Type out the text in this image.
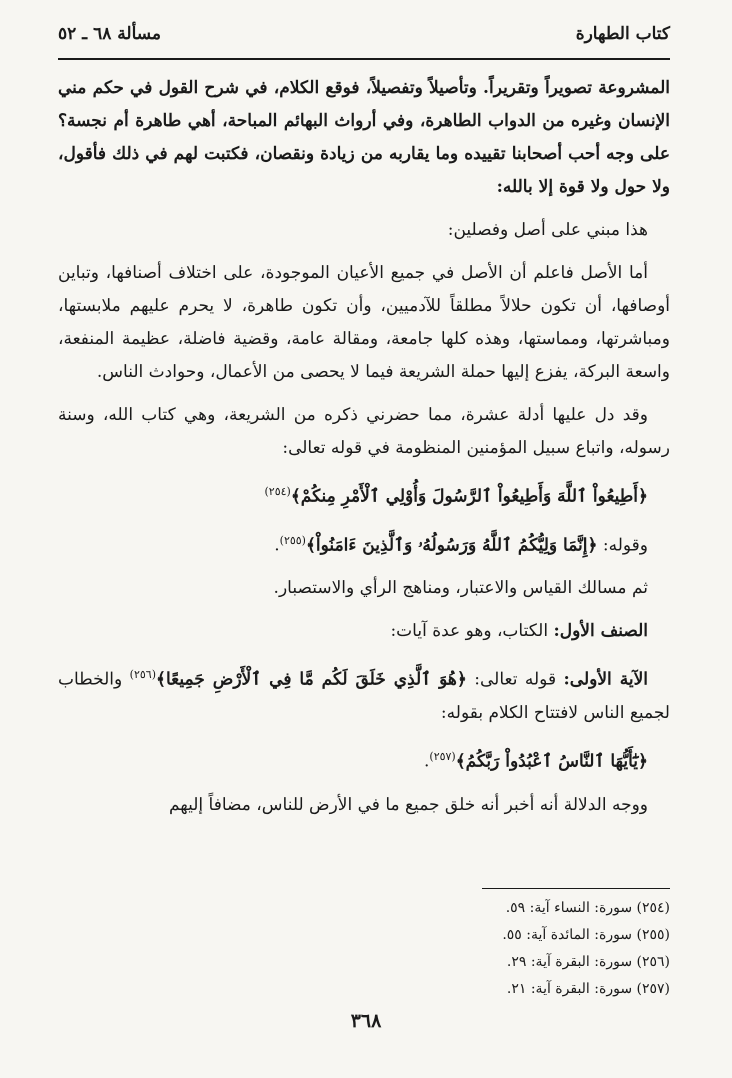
كتاب الطهارة
مسألة ٦٨ ـ ٥٢

المشروعة تصويراً وتقريراً. وتأصيلاً وتفصيلاً، فوقع الكلام، في شرح القول في حكم مني الإنسان وغيره من الدواب الطاهرة، وفي أرواث البهائم المباحة، أهي طاهرة أم نجسة؟ على وجه أحب أصحابنا تقييده وما يقاربه من زيادة ونقصان، فكتبت لهم في ذلك فأقول، ولا حول ولا قوة إلا بالله:

هذا مبني على أصل وفصلين:

أما الأصل فاعلم أن الأصل في جميع الأعيان الموجودة، على اختلاف أصنافها، وتباين أوصافها، أن تكون حلالاً مطلقاً للآدميين، وأن تكون طاهرة، لا يحرم عليهم ملابستها، ومباشرتها، ومماستها، وهذه كلها جامعة، ومقالة عامة، وقضية فاضلة، عظيمة المنفعة، واسعة البركة، يفزع إليها حملة الشريعة فيما لا يحصى من الأعمال، وحوادث الناس.

وقد دل عليها أدلة عشرة، مما حضرني ذكره من الشريعة، وهي كتاب الله، وسنة رسوله، واتباع سبيل المؤمنين المنظومة في قوله تعالى:

﴿أَطِيعُواْ ٱللَّهَ وَأَطِيعُواْ ٱلرَّسُولَ وَأُوْلِي ٱلْأَمْرِ مِنكُمْ﴾$^{(٢٥٤)}$

وقوله: ﴿إِنَّمَا وَلِيُّكُمُ ٱللَّهُ وَرَسُولُهُۥ وَٱلَّذِينَ ءَامَنُواْ﴾$^{(٢٥٥)}$.

ثم مسالك القياس والاعتبار، ومناهج الرأي والاستصبار.

الصنف الأول: الكتاب، وهو عدة آيات:

الآية الأولى: قوله تعالى: ﴿هُوَ ٱلَّذِي خَلَقَ لَكُم مَّا فِي ٱلْأَرْضِ جَمِيعًا﴾$^{(٢٥٦)}$ والخطاب لجميع الناس لافتتاح الكلام بقوله:

﴿يَٰٓأَيُّهَا ٱلنَّاسُ ٱعْبُدُواْ رَبَّكُمُ﴾$^{(٢٥٧)}$.

ووجه الدلالة أنه أخبر أنه خلق جميع ما في الأرض للناس، مضافاً إليهم

(٢٥٤) سورة: النساء آية: ٥٩.
(٢٥٥) سورة: المائدة آية: ٥٥.
(٢٥٦) سورة: البقرة آية: ٢٩.
(٢٥٧) سورة: البقرة آية: ٢١.
٣٦٨
